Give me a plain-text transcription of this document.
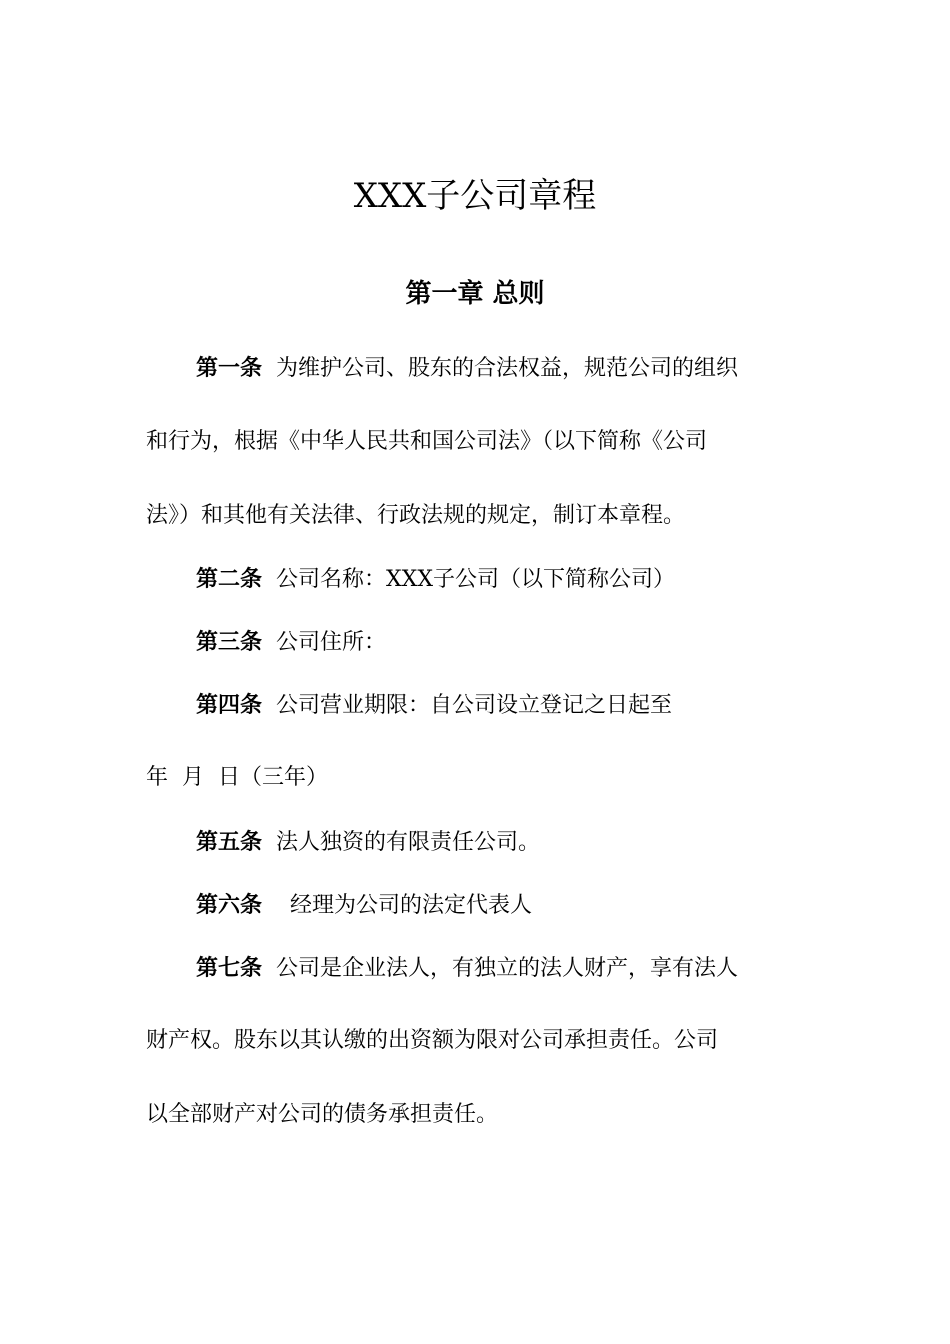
XXX子公司章程
第一章 总则
第一条 为维护公司、股东的合法权益，规范公司的组织
和行为，根据《中华人民共和国公司法》（以下简称《公司
法》）和其他有关法律、行政法规的规定，制订本章程。
第二条 公司名称：XXX子公司（以下简称公司）
第三条 公司住所：
第四条 公司营业期限：自公司设立登记之日起至
年  月  日（三年）
第五条 法人独资的有限责任公司。
第六条 经理为公司的法定代表人
第七条 公司是企业法人，有独立的法人财产，享有法人
财产权。股东以其认缴的出资额为限对公司承担责任。公司
以全部财产对公司的债务承担责任。
